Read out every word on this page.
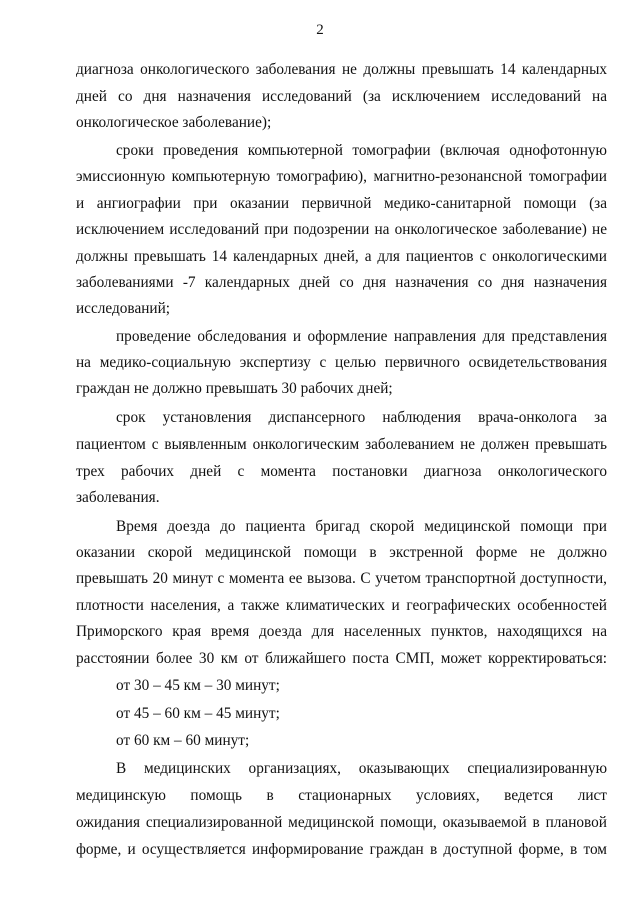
2
диагноза онкологического заболевания не должны превышать 14 календарных
дней со дня назначения исследований (за исключением исследований на
онкологическое заболевание);
сроки проведения компьютерной томографии (включая однофотонную
эмиссионную компьютерную томографию), магнитно-резонансной томографии
и ангиографии при оказании первичной медико-санитарной помощи (за
исключением исследований при подозрении на онкологическое заболевание) не
должны превышать 14 календарных дней, а для пациентов с онкологическими
заболеваниями -7 календарных дней со дня назначения со дня назначения
исследований;
проведение обследования и оформление направления для представления
на медико-социальную экспертизу с целью первичного освидетельствования
граждан не должно превышать 30 рабочих дней;
срок установления диспансерного наблюдения врача-онколога за
пациентом с выявленным онкологическим заболеванием не должен превышать
трех рабочих дней с момента постановки диагноза онкологического
заболевания.
Время доезда до пациента бригад скорой медицинской помощи при
оказании скорой медицинской помощи в экстренной форме не должно
превышать 20 минут с момента ее вызова. С учетом транспортной доступности,
плотности населения, а также климатических и географических особенностей
Приморского края время доезда для населенных пунктов, находящихся на
расстоянии более 30 км от ближайшего поста СМП, может корректироваться:
от 30 – 45 км – 30 минут;
от 45 – 60 км – 45 минут;
от 60 км – 60 минут;
В медицинских организациях, оказывающих специализированную
медицинскую помощь в стационарных условиях, ведется лист
ожидания специализированной медицинской помощи, оказываемой в плановой
форме, и осуществляется информирование граждан в доступной форме, в том
